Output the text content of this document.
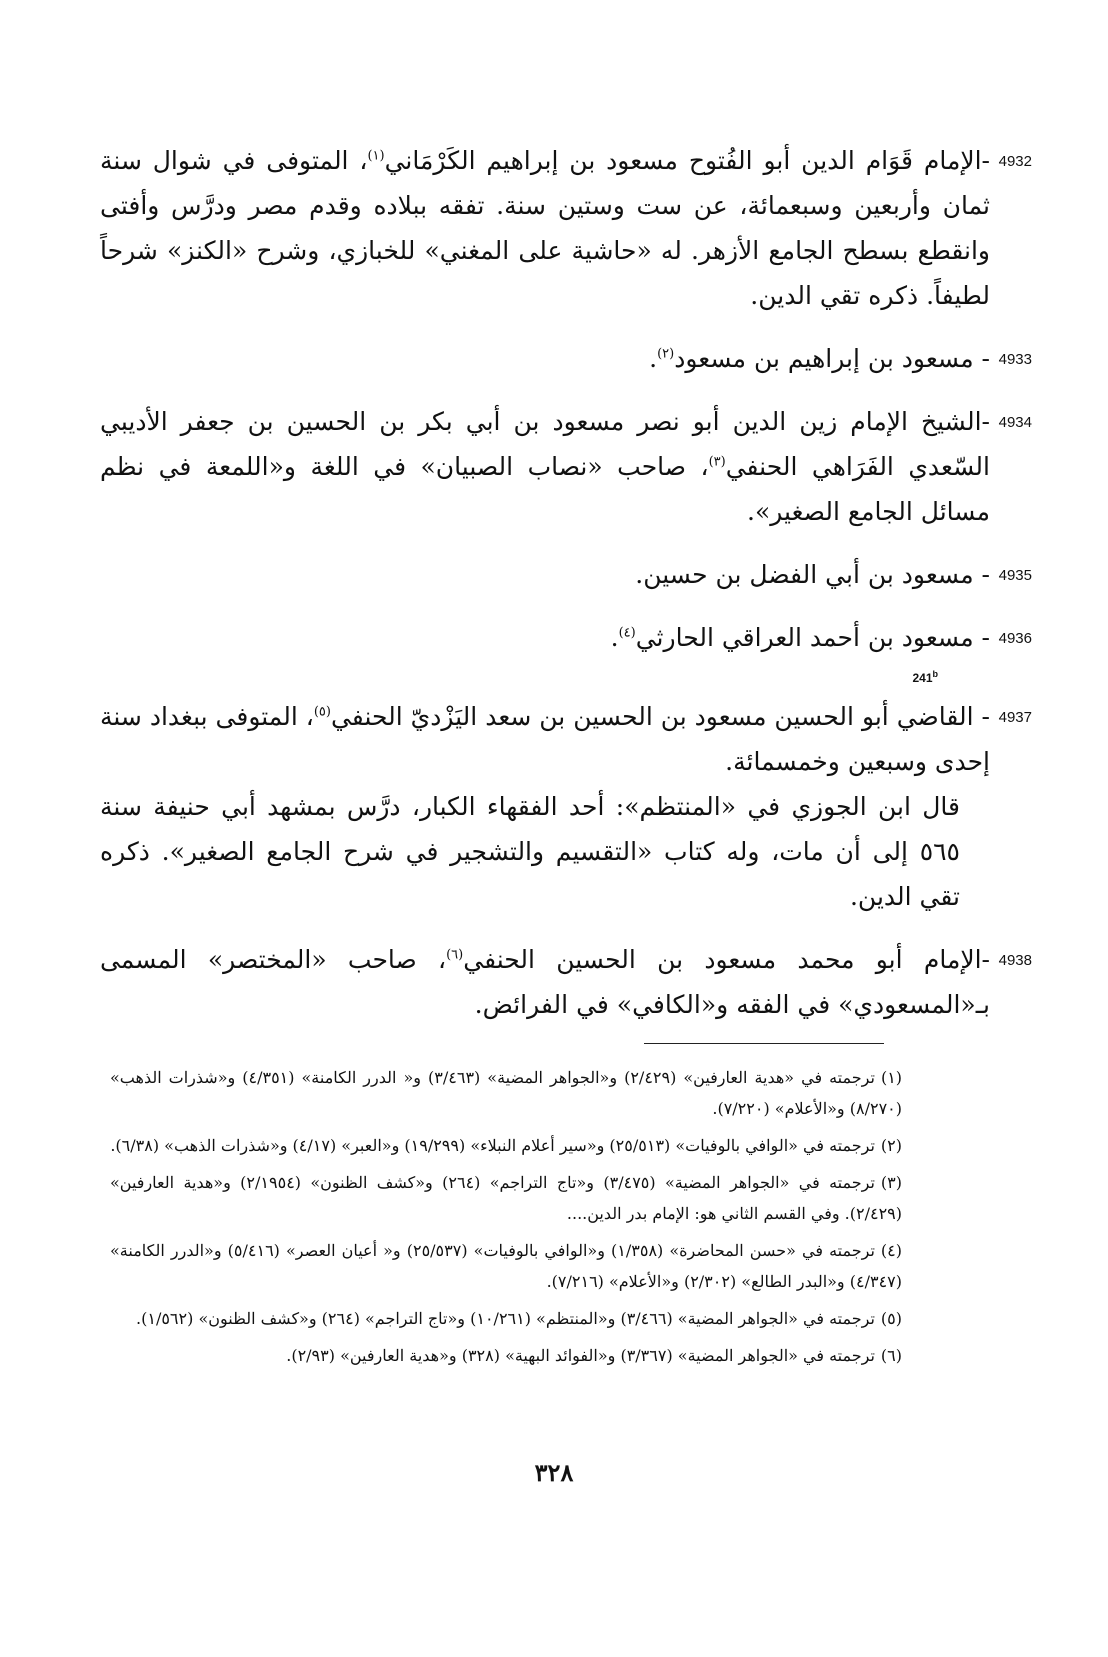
4932
-الإمام قَوَام الدين أبو الفُتوح مسعود بن إبراهيم الكَرْمَاني$^{(١)}$، المتوفى في شوال سنة ثمان وأربعين وسبعمائة، عن ست وستين سنة. تفقه ببلاده وقدم مصر ودرَّس وأفتى وانقطع بسطح الجامع الأزهر. له «حاشية على المغني» للخبازي، وشرح «الكنز» شرحاً لطيفاً. ذكره تقي الدين.
4933
- مسعود بن إبراهيم بن مسعود$^{(٢)}$.
4934
-الشيخ الإمام زين الدين أبو نصر مسعود بن أبي بكر بن الحسين بن جعفر الأديبي السّعدي الفَرَاهي الحنفي$^{(٣)}$، صاحب «نصاب الصبيان» في اللغة و«اللمعة في نظم مسائل الجامع الصغير».
4935
- مسعود بن أبي الفضل بن حسين.
4936
- مسعود بن أحمد العراقي الحارثي$^{(٤)}$.
241$^b$
4937
- القاضي أبو الحسين مسعود بن الحسين بن سعد اليَزْديّ الحنفي$^{(٥)}$، المتوفى ببغداد سنة إحدى وسبعين وخمسمائة.

قال ابن الجوزي في «المنتظم»: أحد الفقهاء الكبار، درَّس بمشهد أبي حنيفة سنة ٥٦٥ إلى أن مات، وله كتاب «التقسيم والتشجير في شرح الجامع الصغير». ذكره تقي الدين.

4938
-الإمام أبو محمد مسعود بن الحسين الحنفي$^{(٦)}$، صاحب «المختصر» المسمى بـ«المسعودي» في الفقه و«الكافي» في الفرائض.
(١)ترجمته في «هدية العارفين» (٢/٤٢٩) و«الجواهر المضية» (٣/٤٦٣) و« الدرر الكامنة» (٤/٣٥١) و«شذرات الذهب» (٨/٢٧٠) و«الأعلام» (٧/٢٢٠).
(٢)ترجمته في «الوافي بالوفيات» (٢٥/٥١٣) و«سير أعلام النبلاء» (١٩/٢٩٩) و«العبر» (٤/١٧) و«شذرات الذهب» (٦/٣٨).
(٣)ترجمته في «الجواهر المضية» (٣/٤٧٥) و«تاج التراجم» (٢٦٤) و«كشف الظنون» (٢/١٩٥٤) و«هدية العارفين» (٢/٤٢٩). وفي القسم الثاني هو: الإمام بدر الدين....
(٤)ترجمته في «حسن المحاضرة» (١/٣٥٨) و«الوافي بالوفيات» (٢٥/٥٣٧) و« أعيان العصر» (٥/٤١٦) و«الدرر الكامنة» (٤/٣٤٧) و«البدر الطالع» (٢/٣٠٢) و«الأعلام» (٧/٢١٦).
(٥)ترجمته في «الجواهر المضية» (٣/٤٦٦) و«المنتظم» (١٠/٢٦١) و«تاج التراجم» (٢٦٤) و«كشف الظنون» (١/٥٦٢).
(٦)ترجمته في «الجواهر المضية» (٣/٣٦٧) و«الفوائد البهية» (٣٢٨) و«هدية العارفين» (٢/٩٣).
٣٢٨
